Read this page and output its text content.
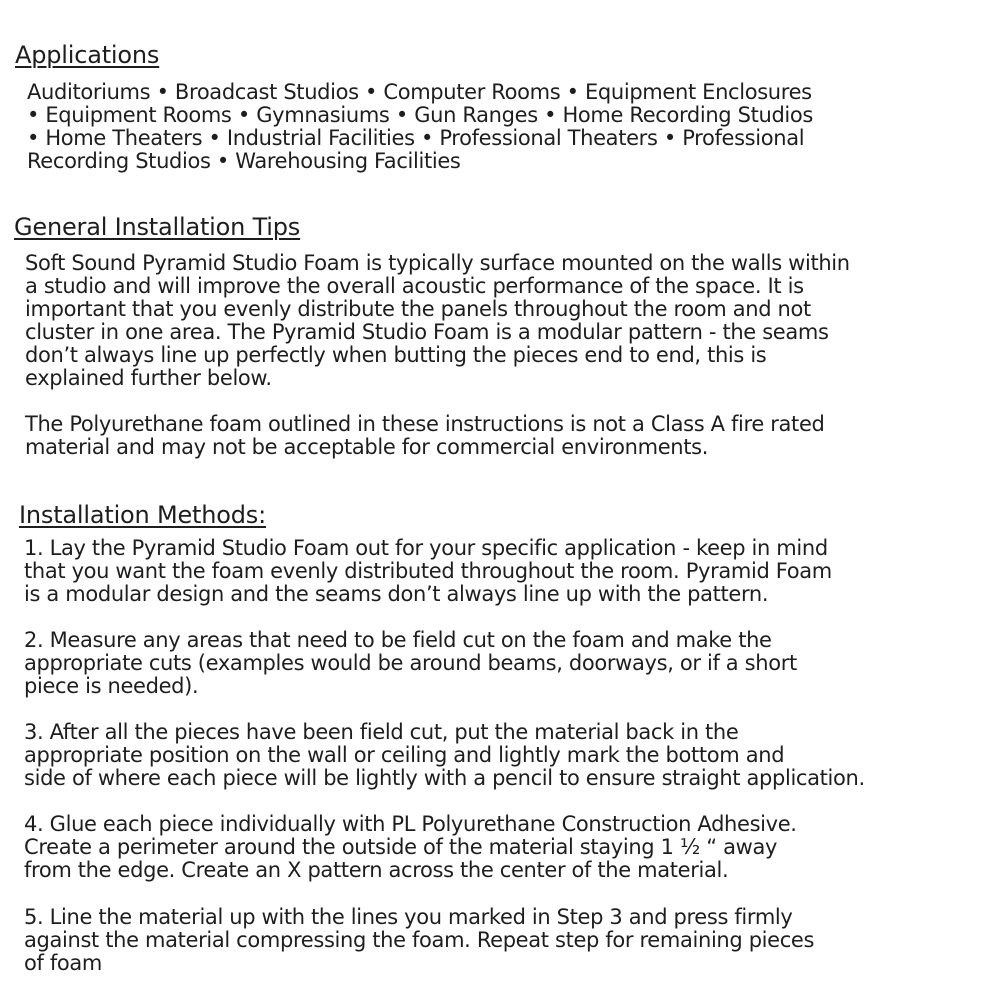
Applications
Auditoriums • Broadcast Studios • Computer Rooms • Equipment Enclosures
• Equipment Rooms • Gymnasiums • Gun Ranges • Home Recording Studios
• Home Theaters • Industrial Facilities • Professional Theaters • Professional
Recording Studios • Warehousing Facilities
General Installation Tips
Soft Sound Pyramid Studio Foam is typically surface mounted on the walls within
a studio and will improve the overall acoustic performance of the space. It is
important that you evenly distribute the panels throughout the room and not
cluster in one area. The Pyramid Studio Foam is a modular pattern - the seams
don’t always line up perfectly when butting the pieces end to end, this is
explained further below.
The Polyurethane foam outlined in these instructions is not a Class A fire rated
material and may not be acceptable for commercial environments.
Installation Methods:
1. Lay the Pyramid Studio Foam out for your specific application - keep in mind
that you want the foam evenly distributed throughout the room. Pyramid Foam
is a modular design and the seams don’t always line up with the pattern.
2. Measure any areas that need to be field cut on the foam and make the
appropriate cuts (examples would be around beams, doorways, or if a short
piece is needed).
3. After all the pieces have been field cut, put the material back in the
appropriate position on the wall or ceiling and lightly mark the bottom and
side of where each piece will be lightly with a pencil to ensure straight application.
4. Glue each piece individually with PL Polyurethane Construction Adhesive.
Create a perimeter around the outside of the material staying 1 ½ “ away
from the edge. Create an X pattern across the center of the material.
5. Line the material up with the lines you marked in Step 3 and press firmly
against the material compressing the foam. Repeat step for remaining pieces
of foam
